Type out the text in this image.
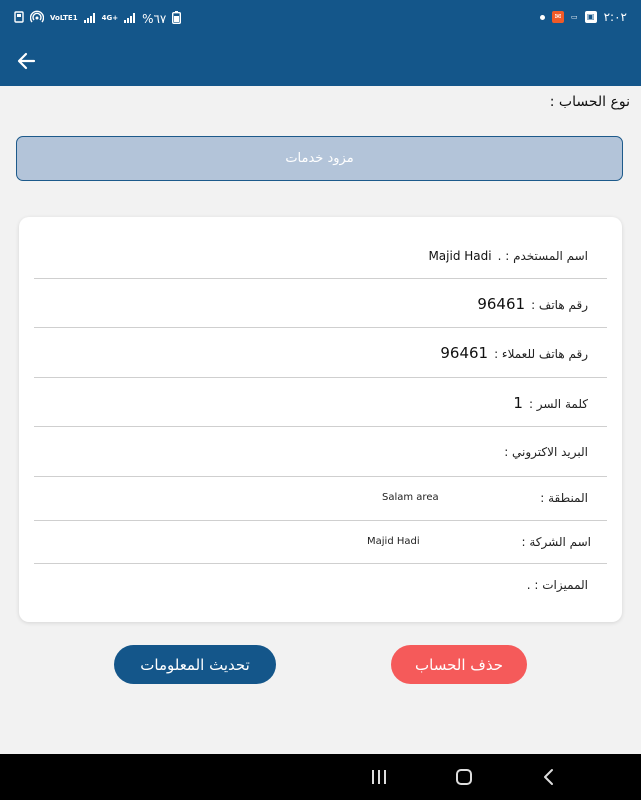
VoLTE1	4G+ %٦٧	✉	▭ ▣ ٢:٠٢
نوع الحساب :
مزود خدمات
اسم المستخدم : .
Majid Hadi
رقم هاتف :
96461
رقم هاتف للعملاء :
96461
كلمة السر :
1
البريد الاكتروني :
المنطقة :
Salam area
اسم الشركة :
Majid Hadi
المميزات : .
تحديث المعلومات	حذف الحساب
